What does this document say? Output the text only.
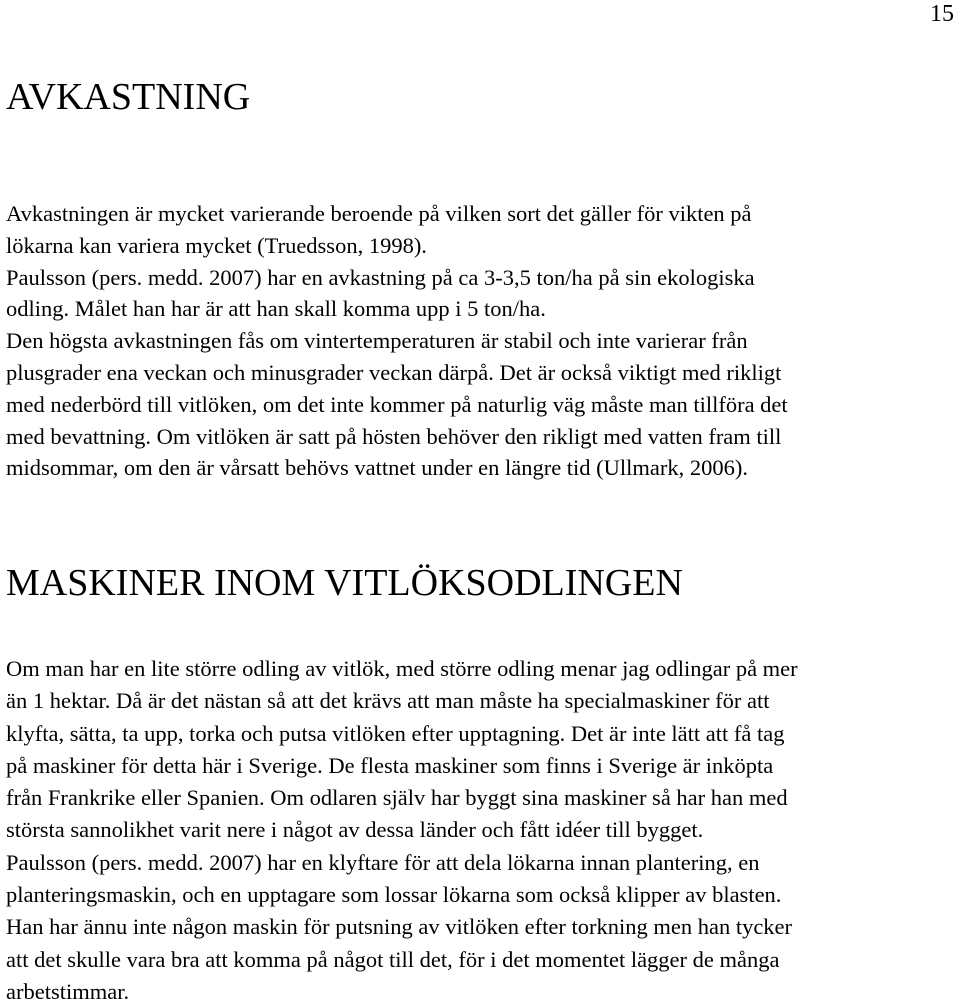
15
AVKASTNING
Avkastningen är mycket varierande beroende på vilken sort det gäller för vikten på
lökarna kan variera mycket (Truedsson, 1998).
Paulsson (pers. medd. 2007) har en avkastning på ca 3-3,5 ton/ha på sin ekologiska
odling. Målet han har är att han skall komma upp i 5 ton/ha.
Den högsta avkastningen fås om vintertemperaturen är stabil och inte varierar från
plusgrader ena veckan och minusgrader veckan därpå. Det är också viktigt med rikligt
med nederbörd till vitlöken, om det inte kommer på naturlig väg måste man tillföra det
med bevattning. Om vitlöken är satt på hösten behöver den rikligt med vatten fram till
midsommar, om den är vårsatt behövs vattnet under en längre tid (Ullmark, 2006).
MASKINER INOM VITLÖKSODLINGEN
Om man har en lite större odling av vitlök, med större odling menar jag odlingar på mer
än 1 hektar. Då är det nästan så att det krävs att man måste ha specialmaskiner för att
klyfta, sätta, ta upp, torka och putsa vitlöken efter upptagning. Det är inte lätt att få tag
på maskiner för detta här i Sverige. De flesta maskiner som finns i Sverige är inköpta
från Frankrike eller Spanien. Om odlaren själv har byggt sina maskiner så har han med
största sannolikhet varit nere i något av dessa länder och fått idéer till bygget.
Paulsson (pers. medd. 2007) har en klyftare för att dela lökarna innan plantering, en
planteringsmaskin, och en upptagare som lossar lökarna som också klipper av blasten.
Han har ännu inte någon maskin för putsning av vitlöken efter torkning men han tycker
att det skulle vara bra att komma på något till det, för i det momentet lägger de många
arbetstimmar.
